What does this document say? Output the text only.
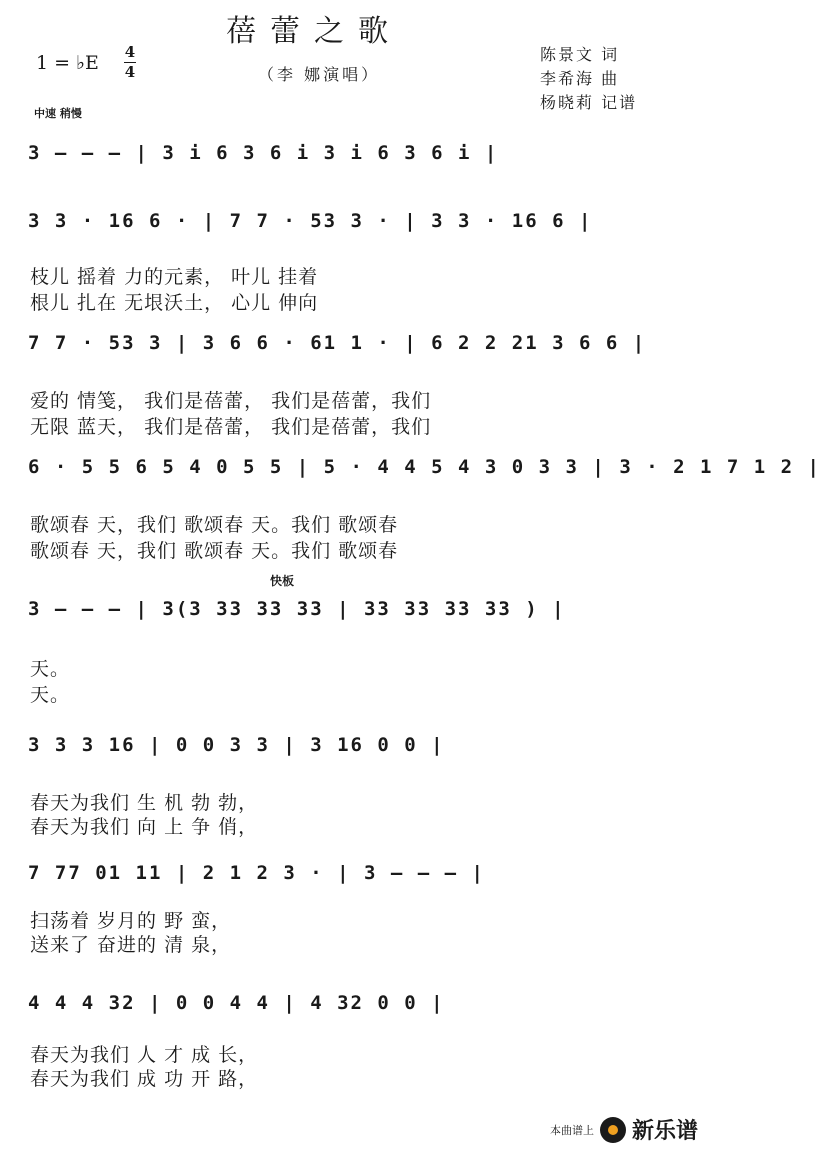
蓓蕾之歌
1 = ♭E 4
4	（李 娜演唱）
陈景文 词
李希海 曲
杨晓莉 记谱
中速 稍慢
3 — — — | 3 i 6 3 6 i 3 i 6 3 6 i |
3 3 · 16 6 · | 7 7 · 53 3 · | 3 3 · 16 6 |
枝儿 摇着 力的元素， 叶儿 挂着
根儿 扎在 无垠沃土， 心儿 伸向
7 7 · 53 3 | 3 6 6 · 61 1 · | 6 2 2 21 3 6 6 |
爱的 情笺， 我们是蓓蕾， 我们是蓓蕾，我们
无限 蓝天， 我们是蓓蕾， 我们是蓓蕾，我们
6 · 5 5 6 5 4 0 5 5 | 5 · 4 4 5 4 3 0 3 3 | 3 · 2 1 7 1 2 |
歌颂春 天，我们 歌颂春 天。我们 歌颂春
歌颂春 天，我们 歌颂春 天。我们 歌颂春
快板
3 — — — | 3(3 33 33 33 | 33 33 33 33 ) |
天。
天。
3 3 3 16 | 0 0 3 3 | 3 16 0 0 |
春天为我们 生 机 勃 勃，
春天为我们 向 上 争 俏，
7 77 01 11 | 2 1 2 3 · | 3 — — — |
扫荡着 岁月的 野 蛮，
送来了 奋进的 清 泉，
4 4 4 32 | 0 0 4 4 | 4 32 0 0 |
春天为我们 人 才 成 长，
春天为我们 成 功 开 路，
本曲谱上 新乐谱
